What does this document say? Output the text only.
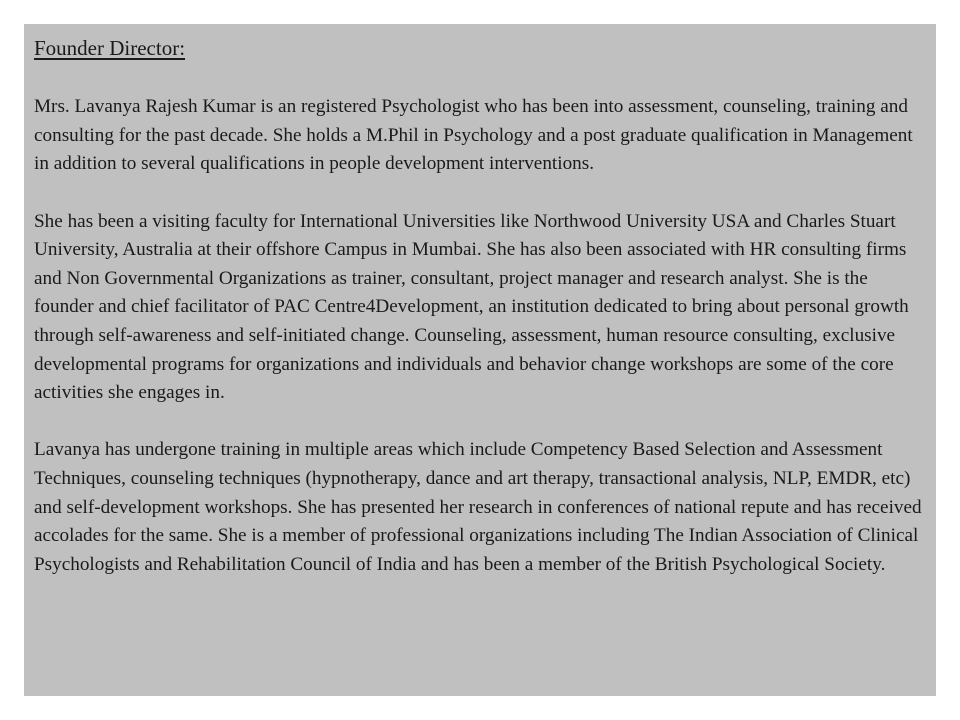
Founder Director:

Mrs. Lavanya Rajesh Kumar is an registered Psychologist who has been into assessment, counseling, training and consulting for the past decade. She holds a M.Phil in Psychology and a post graduate qualification in Management in addition to several qualifications in people development interventions.

She has been a visiting faculty for International Universities like Northwood University USA and Charles Stuart University, Australia at their offshore Campus in Mumbai. She has also been associated with HR consulting firms and Non Governmental Organizations as trainer, consultant, project manager and research analyst. She is the founder and chief facilitator of PAC Centre4Development, an institution dedicated to bring about personal growth through self-awareness and self-initiated change. Counseling, assessment, human resource consulting, exclusive developmental programs for organizations and individuals and behavior change workshops are some of the core activities she engages in.

Lavanya has undergone training in multiple areas which include Competency Based Selection and Assessment Techniques, counseling techniques (hypnotherapy, dance and art therapy, transactional analysis, NLP, EMDR, etc) and self-development workshops. She has presented her research in conferences of national repute and has received accolades for the same. She is a member of professional organizations including The Indian Association of Clinical Psychologists and Rehabilitation Council of India and has been a member of the British Psychological Society.
